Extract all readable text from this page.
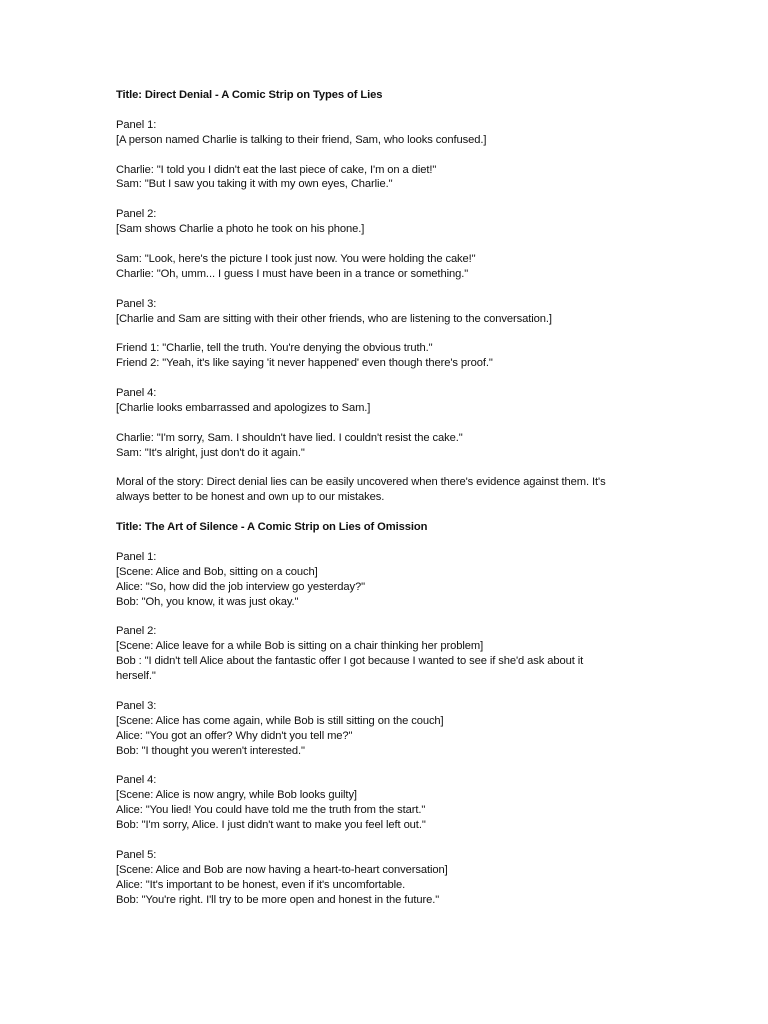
Title: Direct Denial - A Comic Strip on Types of Lies
Panel 1:
[A person named Charlie is talking to their friend, Sam, who looks confused.]
Charlie: "I told you I didn't eat the last piece of cake, I'm on a diet!"
Sam: "But I saw you taking it with my own eyes, Charlie."
Panel 2:
[Sam shows Charlie a photo he took on his phone.]
Sam: "Look, here's the picture I took just now. You were holding the cake!"
Charlie: "Oh, umm... I guess I must have been in a trance or something."
Panel 3:
[Charlie and Sam are sitting with their other friends, who are listening to the conversation.]
Friend 1: "Charlie, tell the truth. You're denying the obvious truth."
Friend 2: "Yeah, it's like saying 'it never happened' even though there's proof."
Panel 4:
[Charlie looks embarrassed and apologizes to Sam.]
Charlie: "I'm sorry, Sam. I shouldn't have lied. I couldn't resist the cake."
Sam: "It's alright, just don't do it again."
Moral of the story: Direct denial lies can be easily uncovered when there's evidence against them. It's
always better to be honest and own up to our mistakes.
Title: The Art of Silence - A Comic Strip on Lies of Omission
Panel 1:
[Scene: Alice and Bob, sitting on a couch]
Alice: "So, how did the job interview go yesterday?"
Bob: "Oh, you know, it was just okay."
Panel 2:
[Scene: Alice leave for a while Bob is sitting on a chair thinking her problem]
Bob : "I didn't tell Alice about the fantastic offer I got because I wanted to see if she'd ask about it
herself."
Panel 3:
[Scene: Alice has come again, while Bob is still sitting on the couch]
Alice: "You got an offer? Why didn't you tell me?"
Bob: "I thought you weren't interested."
Panel 4:
[Scene: Alice is now angry, while Bob looks guilty]
Alice: "You lied! You could have told me the truth from the start."
Bob: "I'm sorry, Alice. I just didn't want to make you feel left out."
Panel 5:
[Scene: Alice and Bob are now having a heart-to-heart conversation]
Alice: "It's important to be honest, even if it's uncomfortable.
Bob: "You're right. I'll try to be more open and honest in the future."
